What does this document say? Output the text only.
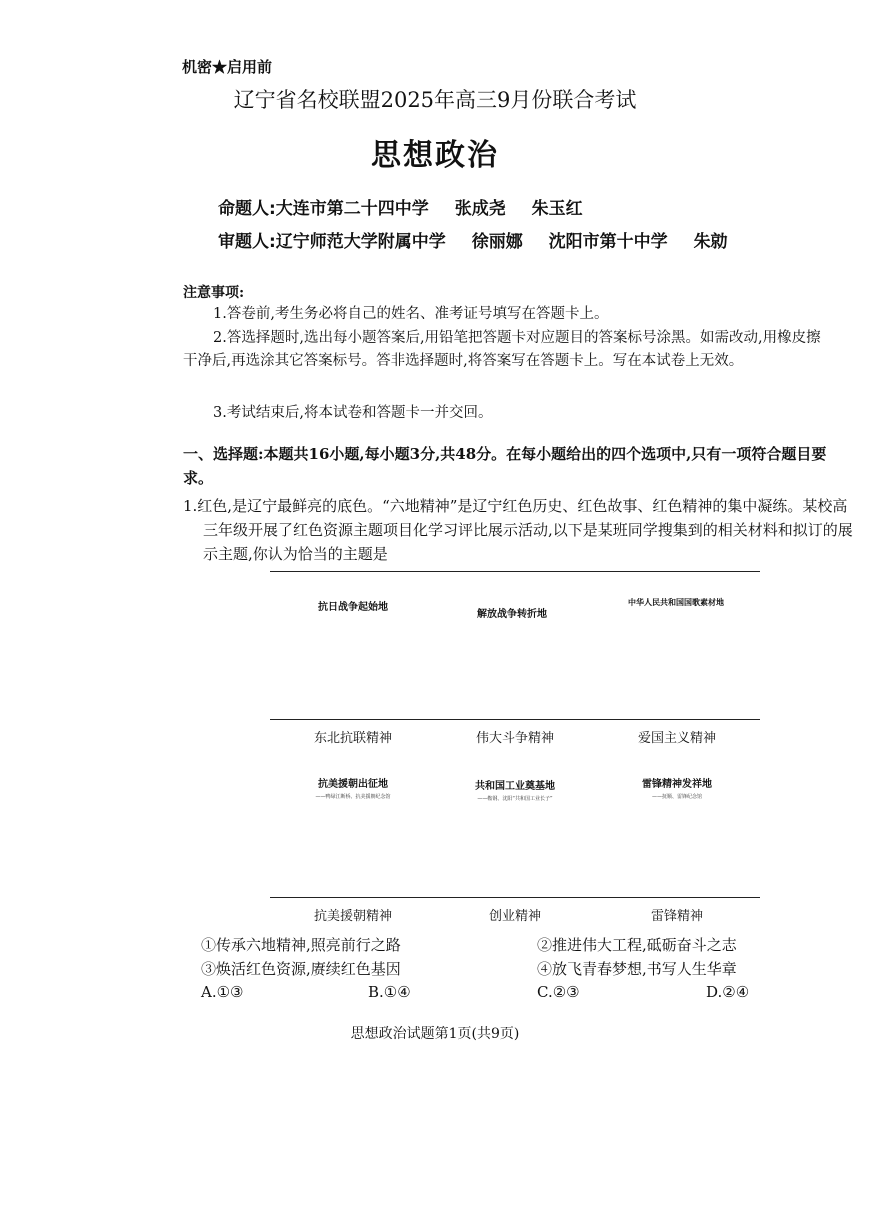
机密★启用前
辽宁省名校联盟2025年高三9月份联合考试
思想政治
命题人:大连市第二十四中学 张成尧 朱玉红
审题人:辽宁师范大学附属中学 徐丽娜 沈阳市第十中学 朱勍
注意事项:
1.答卷前,考生务必将自己的姓名、准考证号填写在答题卡上。
2.答选择题时,选出每小题答案后,用铅笔把答题卡对应题目的答案标号涂黑。如需改动,用橡皮擦干净后,再选涂其它答案标号。答非选择题时,将答案写在答题卡上。写在本试卷上无效。
3.考试结束后,将本试卷和答题卡一并交回。
一、选择题:本题共16小题,每小题3分,共48分。在每小题给出的四个选项中,只有一项符合题目要求。
1.红色,是辽宁最鲜亮的底色。“六地精神”是辽宁红色历史、红色故事、红色精神的集中凝练。某校高三年级开展了红色资源主题项目化学习评比展示活动,以下是某班同学搜集到的相关材料和拟订的展示主题,你认为恰当的主题是
抗日战争起始地
解放战争转折地
中华人民共和国国歌素材地
东北抗联精神	伟大斗争精神	爱国主义精神
抗美援朝出征地
——鸭绿江断桥、抗美援朝纪念馆
共和国工业奠基地
——鞍钢、沈阳“共和国工业长子”
雷锋精神发祥地
——抚顺、雷锋纪念馆
抗美援朝精神	创业精神	雷锋精神
①传承六地精神,照亮前行之路	②推进伟大工程,砥砺奋斗之志
③焕活红色资源,赓续红色基因	④放飞青春梦想,书写人生华章
A.①③	B.①④	C.②③	D.②④
思想政治试题第1页(共9页)
